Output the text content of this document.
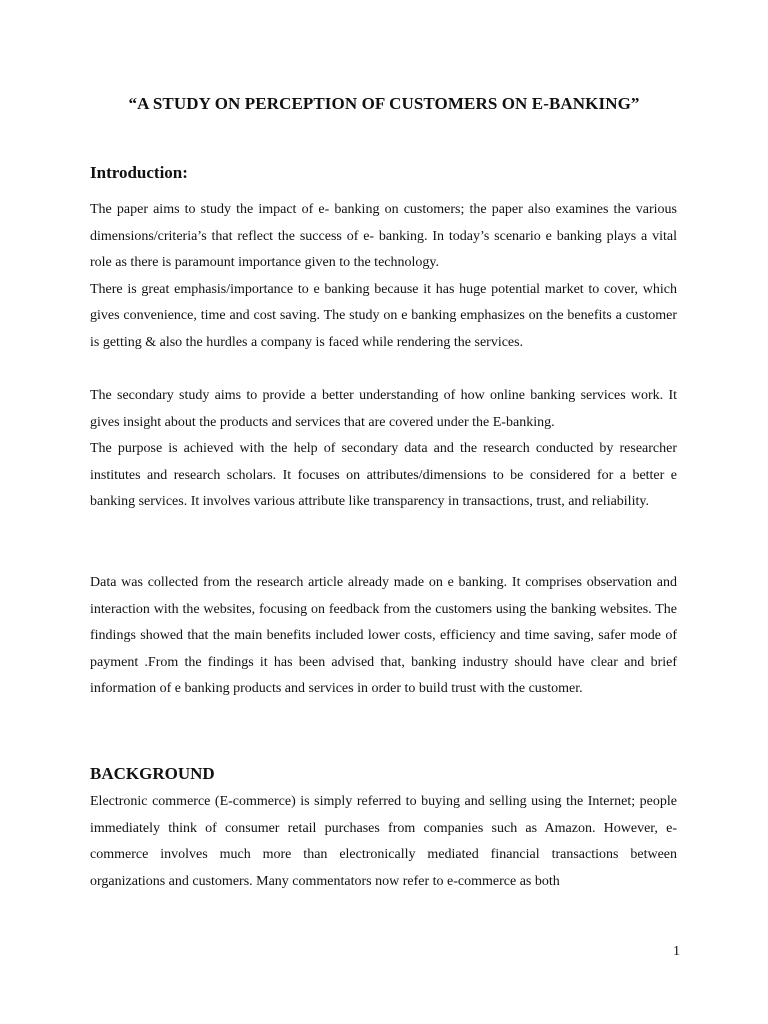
“A STUDY ON PERCEPTION OF CUSTOMERS ON E-BANKING”
Introduction:

The paper aims to study the impact of e- banking on customers; the paper also examines the various dimensions/criteria’s that reflect the success of e- banking. In today’s scenario e banking plays a vital role as there is paramount importance given to the technology.

There is great emphasis/importance to e banking because it has huge potential market to cover, which gives convenience, time and cost saving. The study on e banking emphasizes on the benefits a customer is getting & also the hurdles a company is faced while rendering the services.

The secondary study aims to provide a better understanding of how online banking services work. It gives insight about the products and services that are covered under the E-banking.

The purpose is achieved with the help of secondary data and the research conducted by researcher institutes and research scholars. It focuses on attributes/dimensions to be considered for a better e banking services. It involves various attribute like transparency in transactions, trust, and reliability.

Data was collected from the research article already made on e banking. It comprises observation and interaction with the websites, focusing on feedback from the customers using the banking websites. The findings showed that the main benefits included lower costs, efficiency and time saving, safer mode of payment .From the findings it has been advised that, banking industry should have clear and brief information of e banking products and services in order to build trust with the customer.

BACKGROUND

Electronic commerce (E-commerce) is simply referred to buying and selling using the Internet; people immediately think of consumer retail purchases from companies such as Amazon. However, e-commerce involves much more than electronically mediated financial transactions between organizations and customers. Many commentators now refer to e-commerce as both

1
